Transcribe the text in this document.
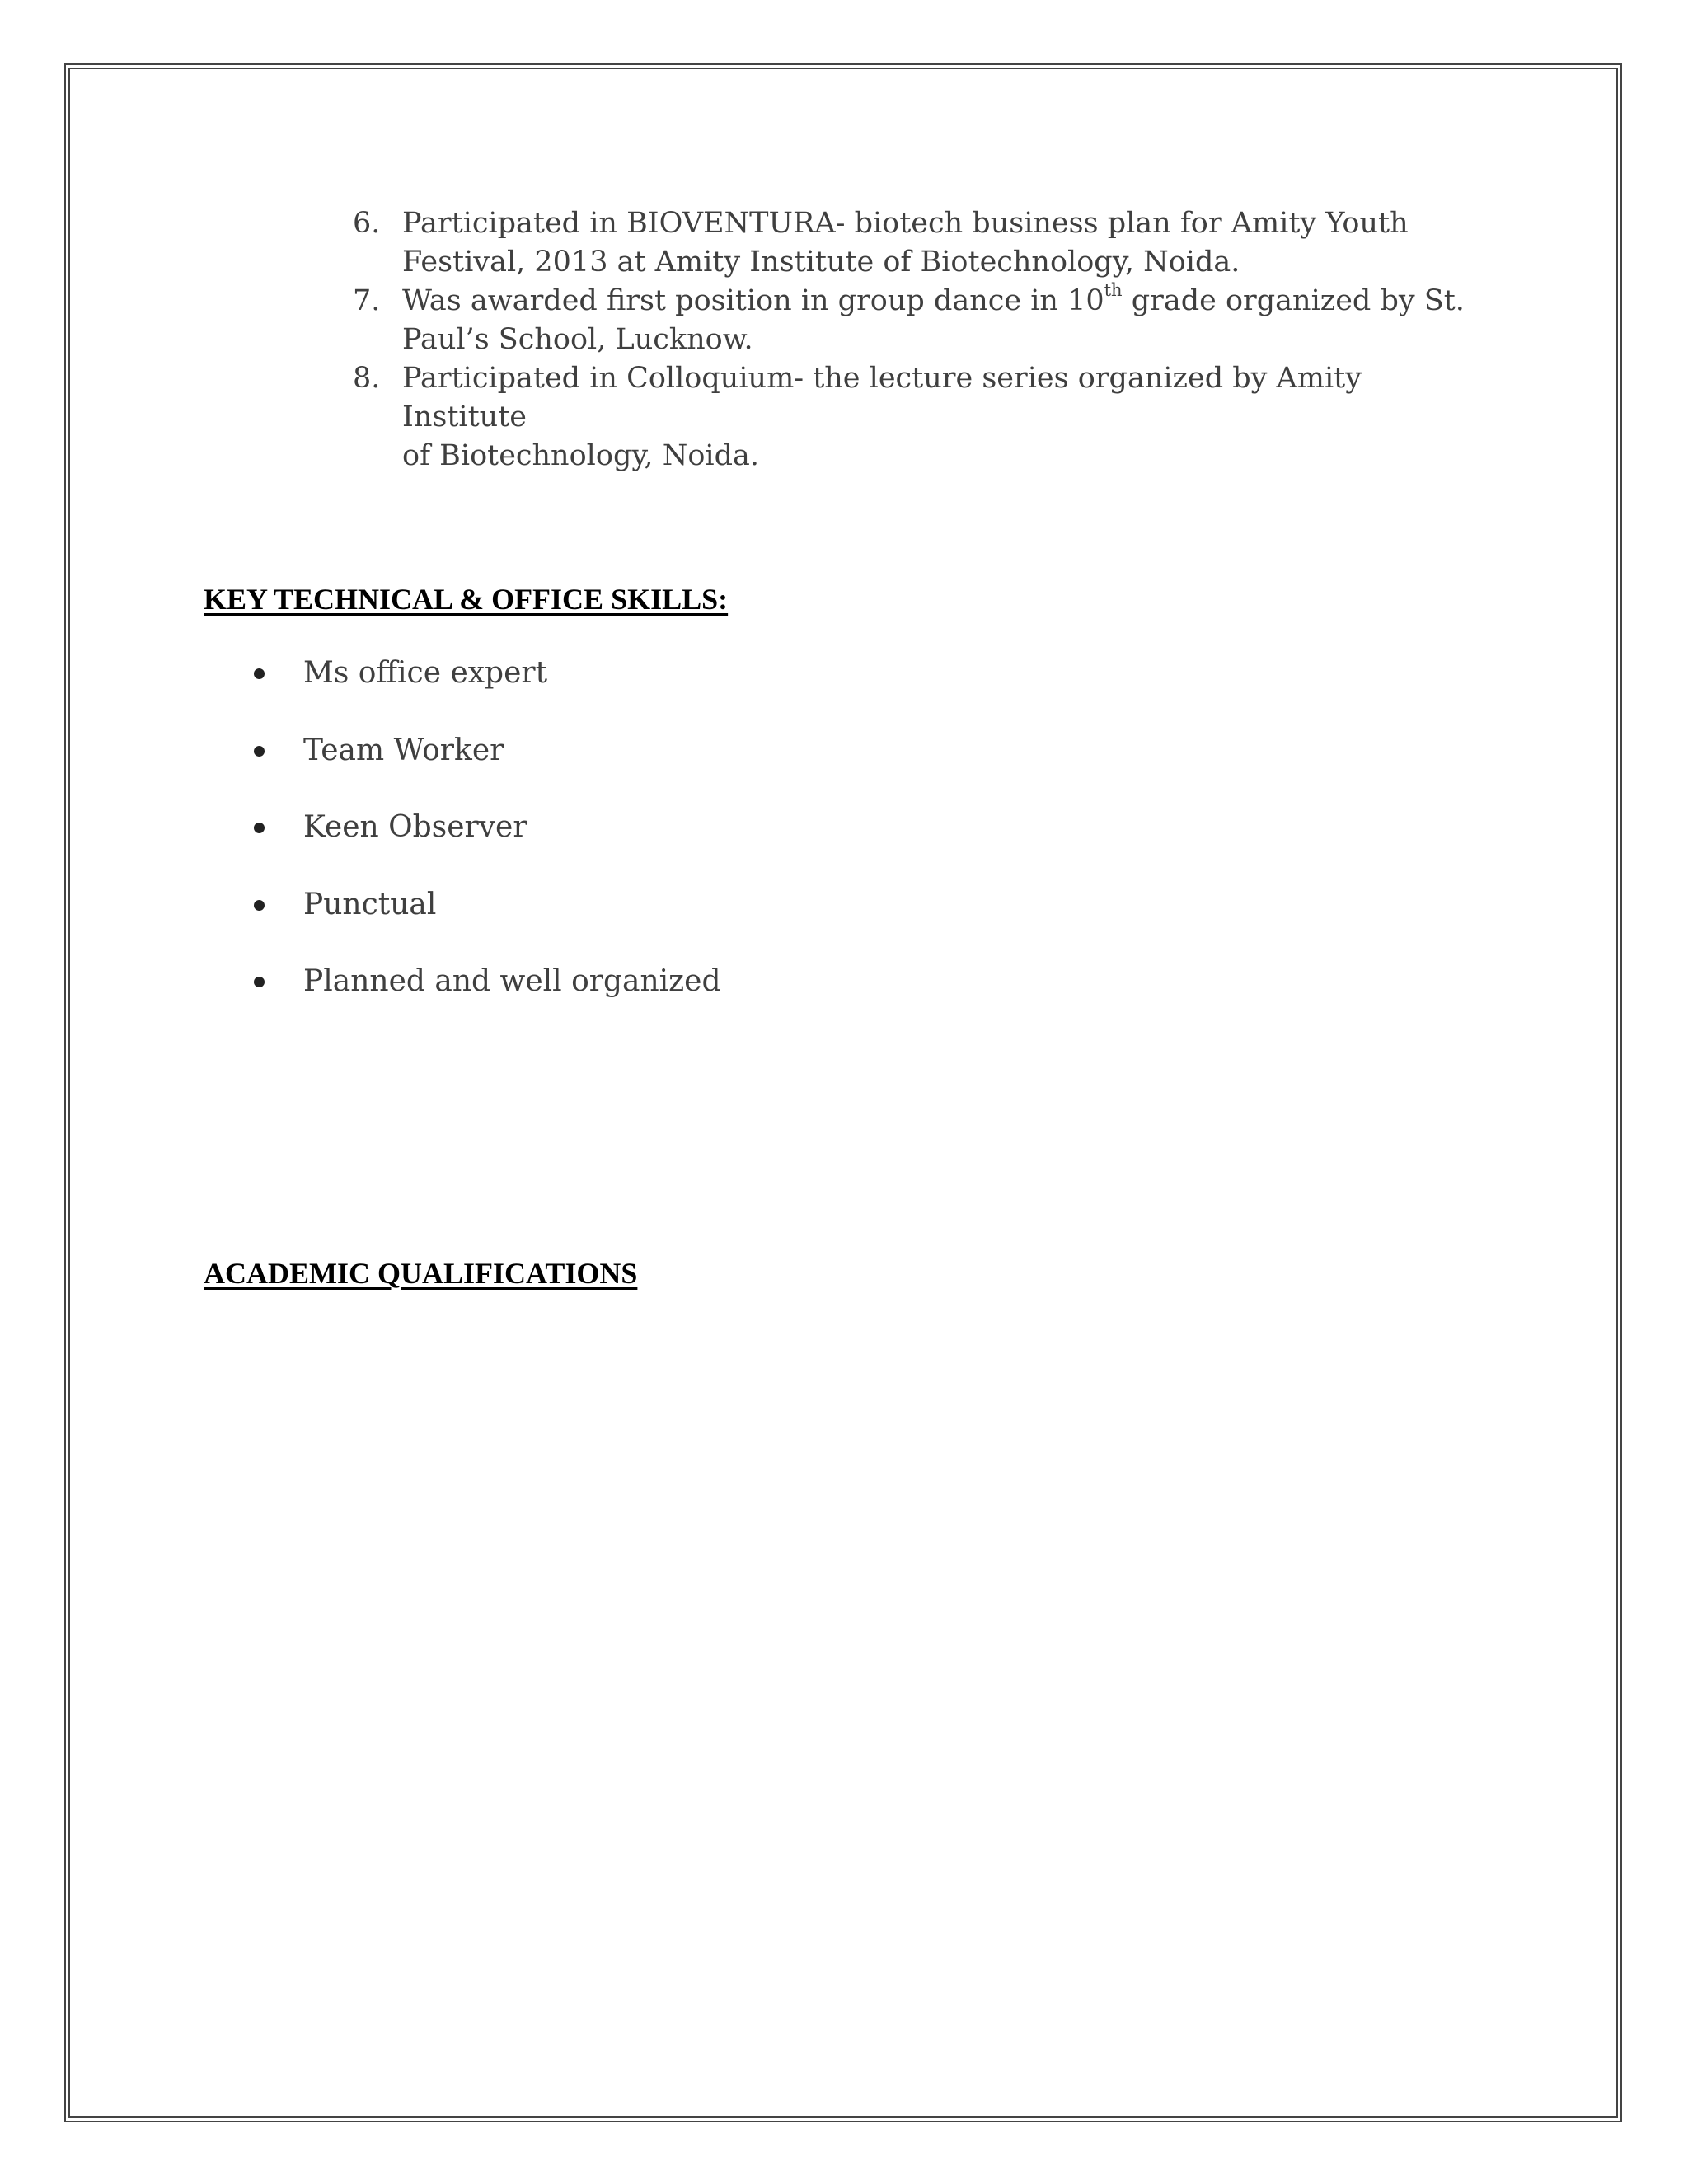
6. Participated in BIOVENTURA- biotech business plan for Amity Youth
Festival, 2013 at Amity Institute of Biotechnology, Noida.
7. Was awarded first position in group dance in 10th grade organized by St.
Paul’s School, Lucknow.
8. Participated in Colloquium- the lecture series organized by Amity Institute
of Biotechnology, Noida.
KEY TECHNICAL & OFFICE SKILLS:
Ms office expert
Team Worker
Keen Observer
Punctual
Planned and well organized
ACADEMIC QUALIFICATIONS
